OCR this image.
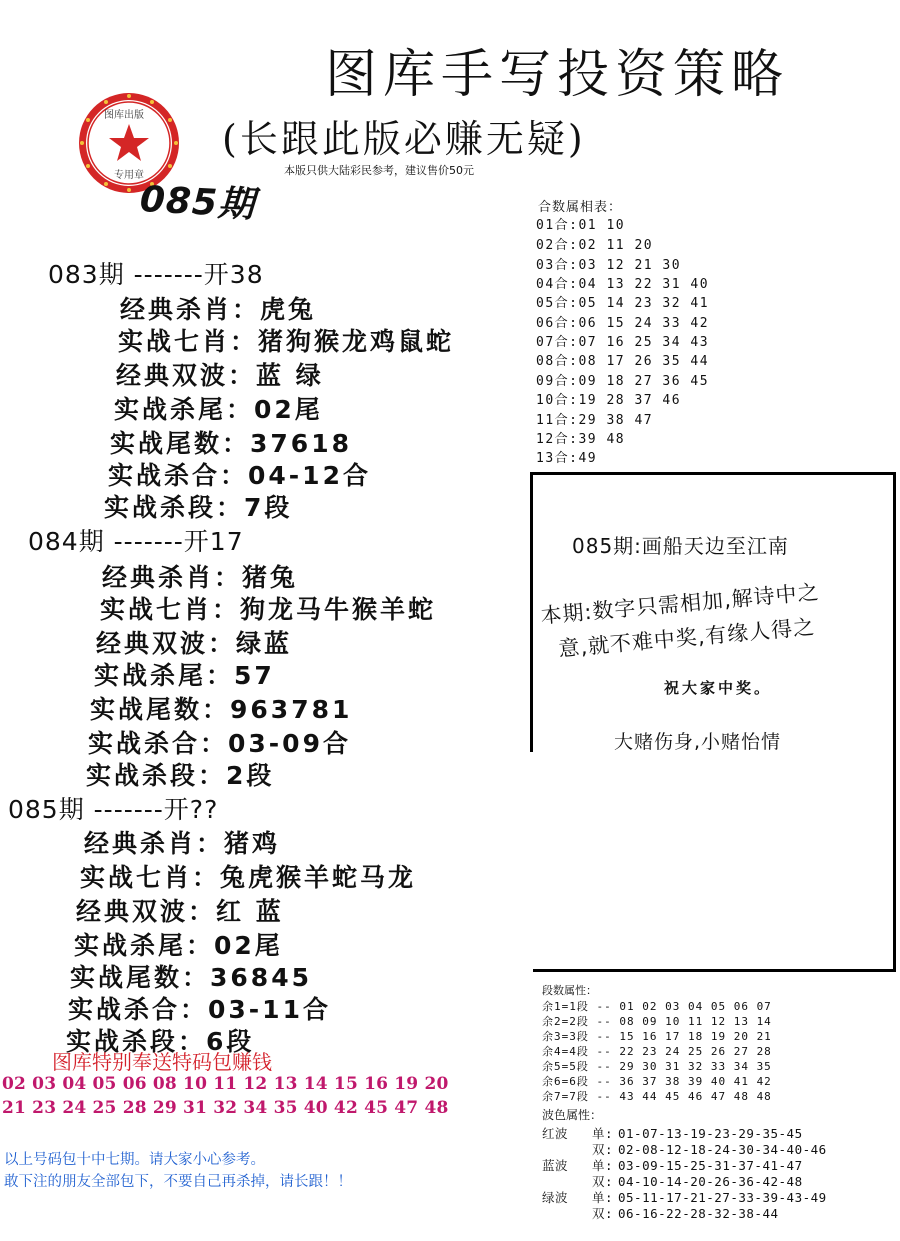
图库手写投资策略
(长跟此版必赚无疑)
本版只供大陆彩民参考，建议售价50元
图库出版
专用章
085期
083期 -------开38
经典杀肖：虎兔
实战七肖：猪狗猴龙鸡鼠蛇
经典双波：蓝 绿
实战杀尾：02尾
实战尾数：37618
实战杀合：04-12合
实战杀段：7段
084期 -------开17
经典杀肖：猪兔
实战七肖：狗龙马牛猴羊蛇
经典双波：绿蓝
实战杀尾：57
实战尾数：963781
实战杀合：03-09合
实战杀段：2段
085期 -------开??
经典杀肖：猪鸡
实战七肖：兔虎猴羊蛇马龙
经典双波：红 蓝
实战杀尾：02尾
实战尾数：36845
实战杀合：03-11合
实战杀段：6段
合数属相表：
01合:01 10
02合:02 11 20
03合:03 12 21 30
04合:04 13 22 31 40
05合:05 14 23 32 41
06合:06 15 24 33 42
07合:07 16 25 34 43
08合:08 17 26 35 44
09合:09 18 27 36 45
10合:19 28 37 46
11合:29 38 47
12合:39 48
13合:49
085期:画船天边至江南
本期:数字只需相加,解诗中之
意,就不难中奖,有缘人得之
祝大家中奖。
大赌伤身,小赌怡情
段数属性：
余1=1段 -- 01 02 03 04 05 06 07
余2=2段 -- 08 09 10 11 12 13 14
余3=3段 -- 15 16 17 18 19 20 21
余4=4段 -- 22 23 24 25 26 27 28
余5=5段 -- 29 30 31 32 33 34 35
余6=6段 -- 36 37 38 39 40 41 42
余7=7段 -- 43 44 45 46 47 48 48
波色属性：
红波 单: 01-07-13-19-23-29-35-45
双: 02-08-12-18-24-30-34-40-46
蓝波 单: 03-09-15-25-31-37-41-47
双: 04-10-14-20-26-36-42-48
绿波 单: 05-11-17-21-27-33-39-43-49
双: 06-16-22-28-32-38-44
图库特别奉送特码包赚钱
02 03 04 05 06 08 10 11 12 13 14 15 16 19 20
21 23 24 25 28 29 31 32 34 35 40 42 45 47 48
以上号码包十中七期。请大家小心参考。
敢下注的朋友全部包下，不要自己再杀掉，请长跟！！
